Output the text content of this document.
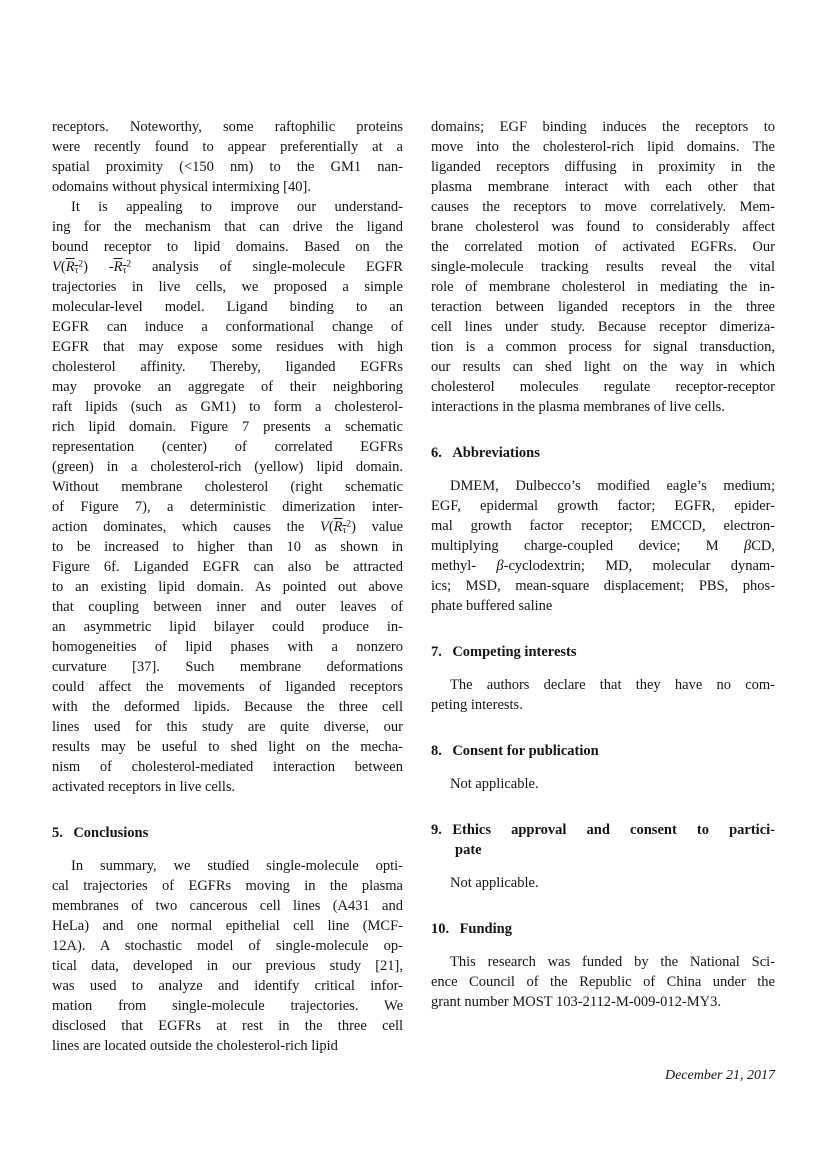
receptors. Noteworthy, some raftophilic proteins
were recently found to appear preferentially at a
spatial proximity (<150 nm) to the GM1 nan-
odomains without physical intermixing [40].
It is appealing to improve our understand-
ing for the mechanism that can drive the ligand
bound receptor to lipid domains. Based on the
$V(R_\tau^2)$ $-R_\tau^2$ analysis of single-molecule EGFR
trajectories in live cells, we proposed a simple
molecular-level model. Ligand binding to an
EGFR can induce a conformational change of
EGFR that may expose some residues with high
cholesterol affinity. Thereby, liganded EGFRs
may provoke an aggregate of their neighboring
raft lipids (such as GM1) to form a cholesterol-
rich lipid domain. Figure 7 presents a schematic
representation (center) of correlated EGFRs
(green) in a cholesterol-rich (yellow) lipid domain.
Without membrane cholesterol (right schematic
of Figure 7), a deterministic dimerization inter-
action dominates, which causes the $V(R_\tau^2)$ value
to be increased to higher than 10 as shown in
Figure 6f. Liganded EGFR can also be attracted
to an existing lipid domain. As pointed out above
that coupling between inner and outer leaves of
an asymmetric lipid bilayer could produce in-
homogeneities of lipid phases with a nonzero
curvature [37]. Such membrane deformations
could affect the movements of liganded receptors
with the deformed lipids. Because the three cell
lines used for this study are quite diverse, our
results may be useful to shed light on the mecha-
nism of cholesterol-mediated interaction between
activated receptors in live cells.
5. Conclusions
In summary, we studied single-molecule opti-
cal trajectories of EGFRs moving in the plasma
membranes of two cancerous cell lines (A431 and
HeLa) and one normal epithelial cell line (MCF-
12A). A stochastic model of single-molecule op-
tical data, developed in our previous study [21],
was used to analyze and identify critical infor-
mation from single-molecule trajectories. We
disclosed that EGFRs at rest in the three cell
lines are located outside the cholesterol-rich lipid
domains; EGF binding induces the receptors to
move into the cholesterol-rich lipid domains. The
liganded receptors diffusing in proximity in the
plasma membrane interact with each other that
causes the receptors to move correlatively. Mem-
brane cholesterol was found to considerably affect
the correlated motion of activated EGFRs. Our
single-molecule tracking results reveal the vital
role of membrane cholesterol in mediating the in-
teraction between liganded receptors in the three
cell lines under study. Because receptor dimeriza-
tion is a common process for signal transduction,
our results can shed light on the way in which
cholesterol molecules regulate receptor-receptor
interactions in the plasma membranes of live cells.
6. Abbreviations
DMEM, Dulbecco’s modified eagle’s medium;
EGF, epidermal growth factor; EGFR, epider-
mal growth factor receptor; EMCCD, electron-
multiplying charge-coupled device; M βCD,
methyl- β-cyclodextrin; MD, molecular dynam-
ics; MSD, mean-square displacement; PBS, phos-
phate buffered saline
7. Competing interests
The authors declare that they have no com-
peting interests.
8. Consent for publication
Not applicable.
9. Ethics approval and consent to partici-
pate
Not applicable.
10. Funding
This research was funded by the National Sci-
ence Council of the Republic of China under the
grant number MOST 103-2112-M-009-012-MY3.
December 21, 2017
